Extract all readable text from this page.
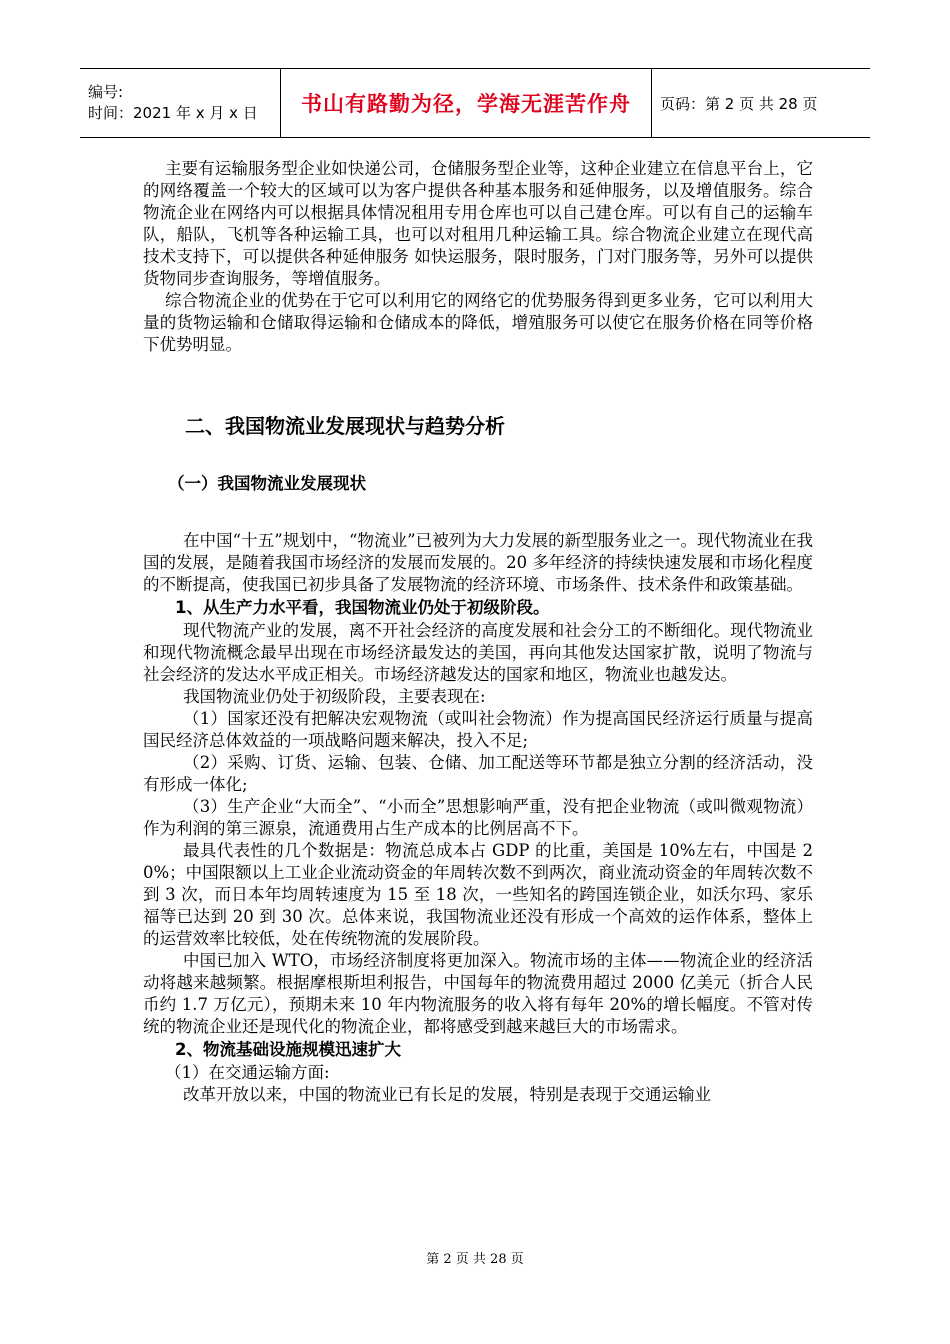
编号:
时间：2021 年 x 月 x 日	书山有路勤为径，学海无涯苦作舟	页码：第 2 页 共 28 页

主要有运输服务型企业如快递公司，仓储服务型企业等，这种企业建立在信息平台上，它的网络覆盖一个较大的区域可以为客户提供各种基本服务和延伸服务，以及增值服务。综合物流企业在网络内可以根据具体情况租用专用仓库也可以自己建仓库。可以有自己的运输车队，船队，飞机等各种运输工具，也可以对租用几种运输工具。综合物流企业建立在现代高技术支持下，可以提供各种延伸服务 如快运服务，限时服务，门对门服务等，另外可以提供货物同步查询服务，等增值服务。

综合物流企业的优势在于它可以利用它的网络它的优势服务得到更多业务，它可以利用大量的货物运输和仓储取得运输和仓储成本的降低，增殖服务可以使它在服务价格在同等价格下优势明显。

二、我国物流业发展现状与趋势分析
（一）我国物流业发展现状

在中国“十五”规划中，“物流业”已被列为大力发展的新型服务业之一。现代物流业在我国的发展，是随着我国市场经济的发展而发展的。20 多年经济的持续快速发展和市场化程度的不断提高，使我国已初步具备了发展物流的经济环境、市场条件、技术条件和政策基础。

1、从生产力水平看，我国物流业仍处于初级阶段。

现代物流产业的发展，离不开社会经济的高度发展和社会分工的不断细化。现代物流业和现代物流概念最早出现在市场经济最发达的美国，再向其他发达国家扩散，说明了物流与社会经济的发达水平成正相关。市场经济越发达的国家和地区，物流业也越发达。

我国物流业仍处于初级阶段，主要表现在:

（1）国家还没有把解决宏观物流（或叫社会物流）作为提高国民经济运行质量与提高国民经济总体效益的一项战略问题来解决，投入不足;

（2）采购、订货、运输、包装、仓储、加工配送等环节都是独立分割的经济活动，没有形成一体化;

（3）生产企业“大而全”、“小而全”思想影响严重，没有把企业物流（或叫微观物流）作为利润的第三源泉，流通费用占生产成本的比例居高不下。

最具代表性的几个数据是：物流总成本占 GDP 的比重，美国是 10%左右，中国是 20%；中国限额以上工业企业流动资金的年周转次数不到两次，商业流动资金的年周转次数不到 3 次，而日本年均周转速度为 15 至 18 次，一些知名的跨国连锁企业，如沃尔玛、家乐福等已达到 20 到 30 次。总体来说，我国物流业还没有形成一个高效的运作体系，整体上的运营效率比较低，处在传统物流的发展阶段。

中国已加入 WTO，市场经济制度将更加深入。物流市场的主体——物流企业的经济活动将越来越频繁。根据摩根斯坦利报告，中国每年的物流费用超过 2000 亿美元（折合人民币约 1.7 万亿元），预期未来 10 年内物流服务的收入将有每年 20%的增长幅度。不管对传统的物流企业还是现代化的物流企业，都将感受到越来越巨大的市场需求。

2、物流基础设施规模迅速扩大

（1）在交通运输方面:

改革开放以来，中国的物流业已有长足的发展，特别是表现于交通运输业

第 2 页 共 28 页
